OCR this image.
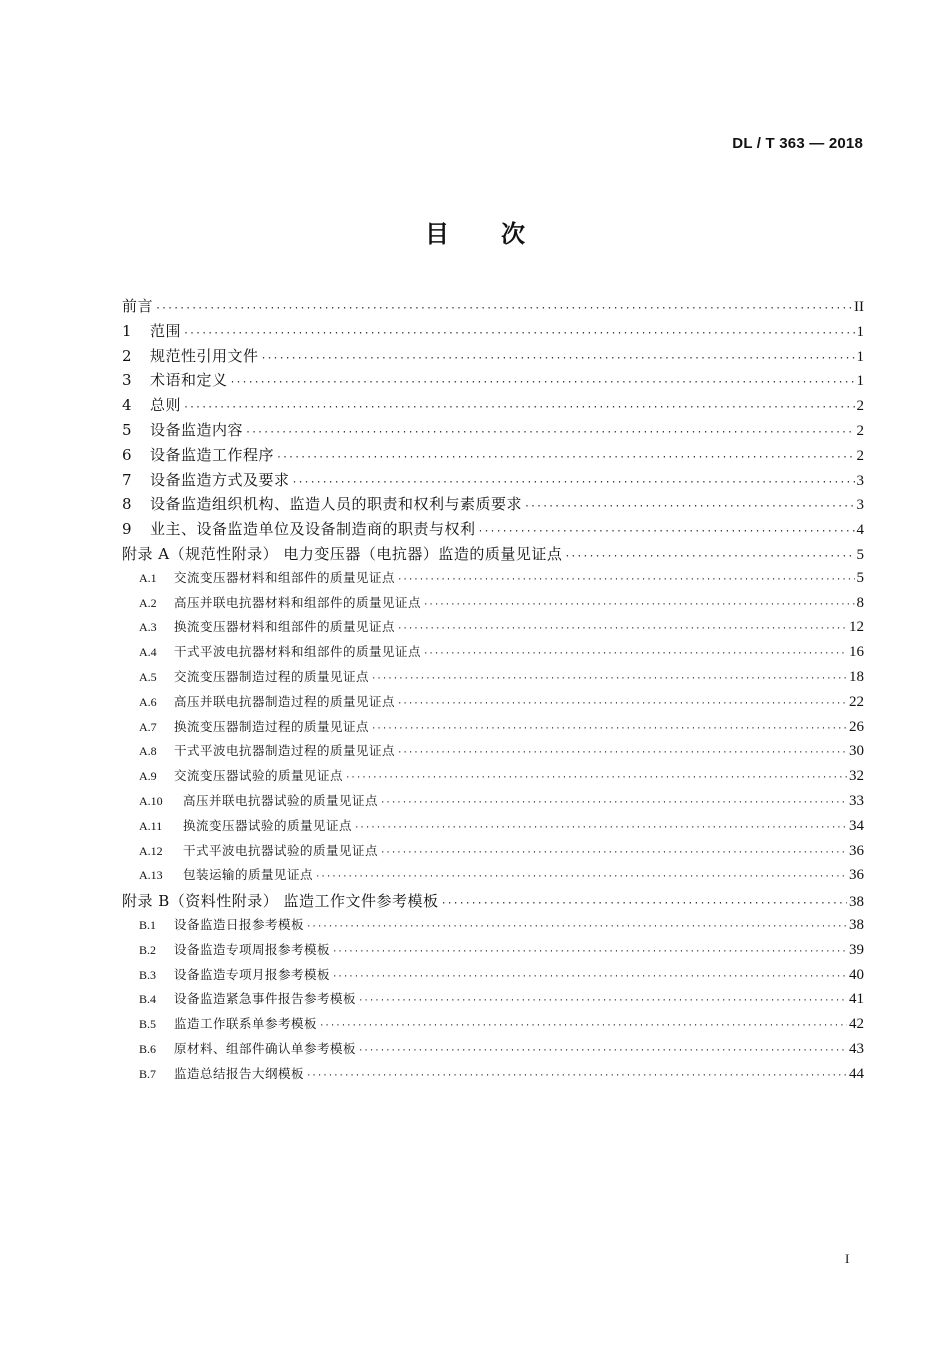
DL / T 363 — 2018
目次
前言 ·····	II
1	范围 ·····	1
2	规范性引用文件 ·····	1
3	术语和定义 ·····	1
4	总则 ·····	2
5	设备监造内容 ·····	2
6	设备监造工作程序 ·····	2
7	设备监造方式及要求 ·····	3
8	设备监造组织机构、监造人员的职责和权利与素质要求 ·····	3
9	业主、设备监造单位及设备制造商的职责与权利 ·····	4
附录 A（规范性附录） 电力变压器（电抗器）监造的质量见证点 ·····	5
A.1	交流变压器材料和组部件的质量见证点 ·····	5
A.2	高压并联电抗器材料和组部件的质量见证点 ·····	8
A.3	换流变压器材料和组部件的质量见证点 ·····	12
A.4	干式平波电抗器材料和组部件的质量见证点 ·····	16
A.5	交流变压器制造过程的质量见证点 ·····	18
A.6	高压并联电抗器制造过程的质量见证点 ·····	22
A.7	换流变压器制造过程的质量见证点 ·····	26
A.8	干式平波电抗器制造过程的质量见证点 ·····	30
A.9	交流变压器试验的质量见证点 ·····	32
A.10	高压并联电抗器试验的质量见证点 ·····	33
A.11	换流变压器试验的质量见证点 ·····	34
A.12	干式平波电抗器试验的质量见证点 ·····	36
A.13	包装运输的质量见证点 ·····	36
附录 B（资料性附录） 监造工作文件参考模板 ·····	38
B.1	设备监造日报参考模板 ·····	38
B.2	设备监造专项周报参考模板 ·····	39
B.3	设备监造专项月报参考模板 ·····	40
B.4	设备监造紧急事件报告参考模板 ·····	41
B.5	监造工作联系单参考模板 ·····	42
B.6	原材料、组部件确认单参考模板 ·····	43
B.7	监造总结报告大纲模板 ·····	44
I
